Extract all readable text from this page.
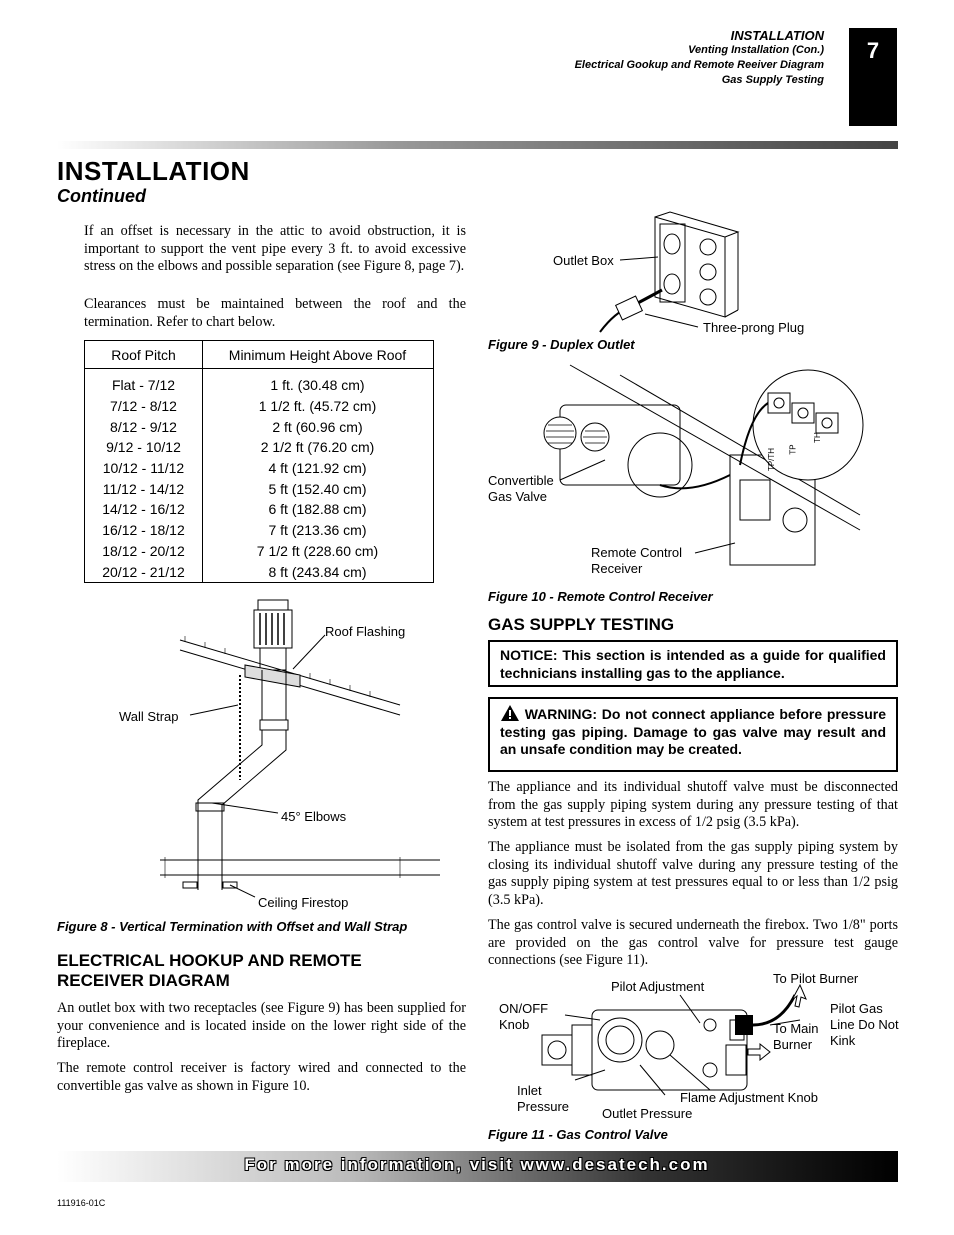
INSTALLATION
Venting Installation (Con.)
Electrical Gookup and Remote Reeiver Diagram
Gas Supply Testing
7
INSTALLATION
Continued

If an offset is necessary in the attic to avoid obstruction, it is important to support the vent pipe every 3 ft. to avoid excessive stress on the elbows and possible separation (see Figure 8, page 7).

Clearances must be maintained between the roof and the termination. Refer to chart below.

Roof Pitch	Minimum Height Above Roof
Flat - 7/12	1 ft. (30.48 cm)
7/12 - 8/12	1 1/2 ft. (45.72 cm)
8/12 - 9/12	2 ft (60.96 cm)
9/12 - 10/12	2 1/2 ft (76.20 cm)
10/12 - 11/12	4 ft (121.92 cm)
11/12 - 14/12	5 ft (152.40 cm)
14/12 - 16/12	6 ft (182.88 cm)
16/12 - 18/12	7 ft (213.36 cm)
18/12 - 20/12	7 1/2 ft (228.60 cm)
20/12 - 21/12	8 ft (243.84 cm)
Roof Flashing
Wall Strap
45° Elbows
Ceiling Firestop
Figure 8 - Vertical Termination with Offset and Wall Strap
ELECTRICAL HOOKUP AND REMOTE RECEIVER DIAGRAM

An outlet box with two receptacles (see Figure 9) has been supplied for your convenience and is located inside on the lower right side of the fireplace.

The remote control receiver is factory wired and connected to the convertible gas valve as shown in Figure 10.

Outlet Box
Three-prong Plug
Figure 9 - Duplex Outlet
TP/TH TP
TH
Convertible Gas Valve
Remote Control Receiver
Figure 10 - Remote Control Receiver
GAS SUPPLY TESTING
NOTICE: This section is intended as a guide for qualified technicians installing gas to the appliance.
WARNING: Do not connect appliance before pressure testing gas piping. Damage to gas valve may result and an unsafe condition may be created.

The appliance and its individual shutoff valve must be disconnected from the gas supply piping system during any pressure testing of that system at test pressures in excess of 1/2 psig (3.5 kPa).

The appliance must be isolated from the gas supply piping system by closing its individual shutoff valve during any pressure testing of the gas supply piping system at test pressures equal to or less than 1/2 psig (3.5 kPa).

The gas control valve is secured underneath the firebox. Two 1/8" ports are provided on the gas control valve for pressure test gauge connections (see Figure 11).

Pilot Adjustment
To Pilot Burner
ON/OFF Knob
Pilot Gas Line Do Not Kink
To Main Burner
Inlet Pressure
Flame Adjustment Knob
Outlet Pressure
Figure 11 - Gas Control Valve
For more information, visit www.desatech.com
111916-01C
